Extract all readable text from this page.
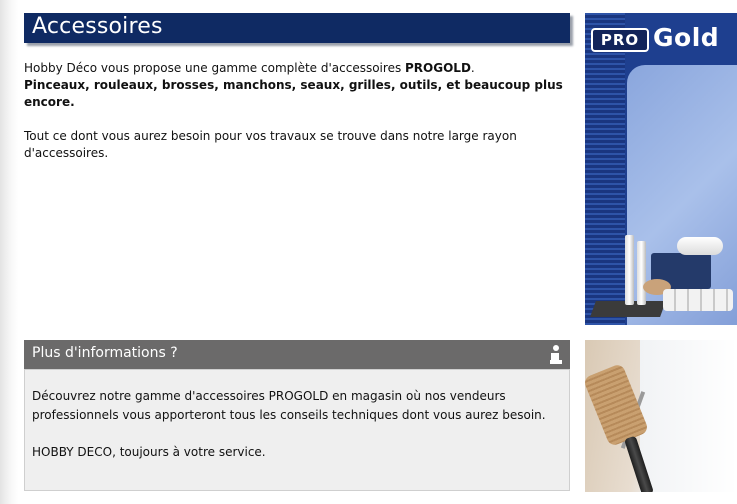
Accessoires

Hobby Déco vous propose une gamme complète d'accessoires PROGOLD.

Pinceaux, rouleaux, brosses, manchons, seaux, grilles, outils, et beaucoup plus encore.

Tout ce dont vous aurez besoin pour vos travaux se trouve dans notre large rayon d'accessoires.

PRO Gold
Plus d'informations ?

Découvrez notre gamme d'accessoires PROGOLD en magasin où nos vendeurs professionnels vous apporteront tous les conseils techniques dont vous aurez besoin.

HOBBY DECO, toujours à votre service.
